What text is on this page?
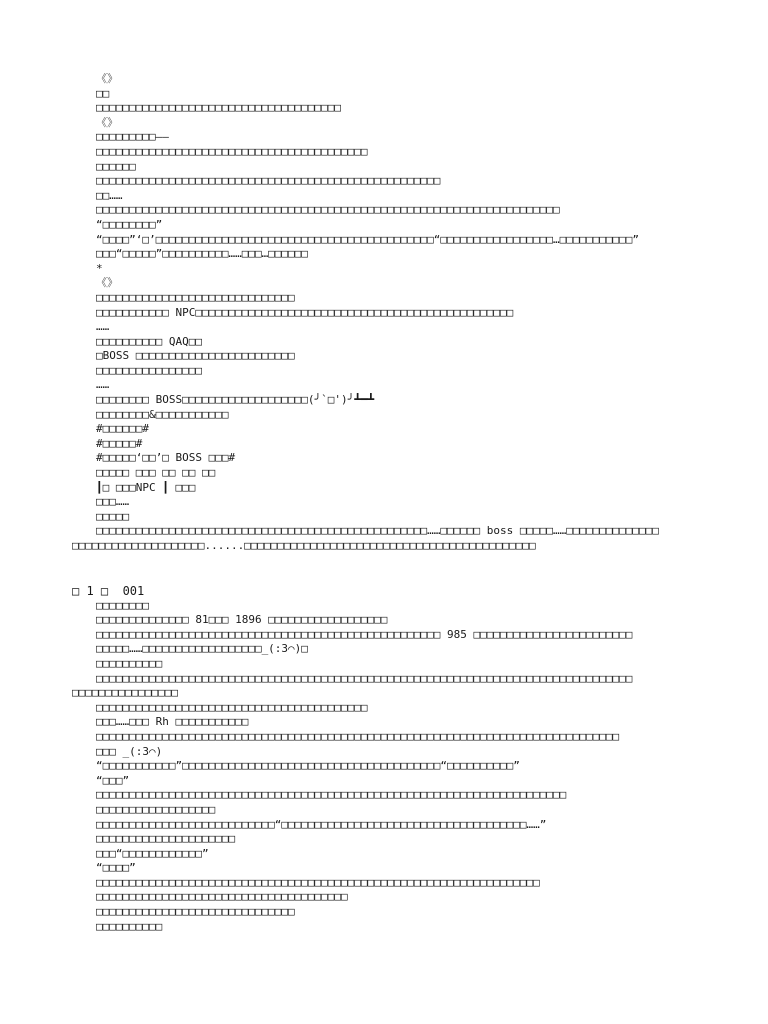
《》
□□
□□□□□□□□□□□□□□□□□□□□□□□□□□□□□□□□□□□□□
《》
□□□□□□□□□——
□□□□□□□□□□□□□□□□□□□□□□□□□□□□□□□□□□□□□□□□□
□□□□□□
□□□□□□□□□□□□□□□□□□□□□□□□□□□□□□□□□□□□□□□□□□□□□□□□□□□□
□□……
□□□□□□□□□□□□□□□□□□□□□□□□□□□□□□□□□□□□□□□□□□□□□□□□□□□□□□□□□□□□□□□□□□□□□□
“□□□□□□□□”
“□□□□”‘□’□□□□□□□□□□□□□□□□□□□□□□□□□□□□□□□□□□□□□□□□□□“□□□□□□□□□□□□□□□□□…□□□□□□□□□□□”
□□□“□□□□□”□□□□□□□□□□……□□□…□□□□□□
*
《》
□□□□□□□□□□□□□□□□□□□□□□□□□□□□□□
□□□□□□□□□□□ NPC□□□□□□□□□□□□□□□□□□□□□□□□□□□□□□□□□□□□□□□□□□□□□□□□
……
□□□□□□□□□□ QAQ□□
□BOSS □□□□□□□□□□□□□□□□□□□□□□□□
□□□□□□□□□□□□□□□□
……
□□□□□□□□ BOSS□□□□□□□□□□□□□□□□□□□(╯`□')╯┻━┻
□□□□□□□□&□□□□□□□□□□□
#□□□□□□#
#□□□□□#
#□□□□□‘□□’□ BOSS □□□#
□□□□□ □□□ □□ □□ □□
┃□ □□□NPC ┃ □□□
□□□……
□□□□□
□□□□□□□□□□□□□□□□□□□□□□□□□□□□□□□□□□□□□□□□□□□□□□□□□□……□□□□□□ boss □□□□□……□□□□□□□□□□□□□□
□□□□□□□□□□□□□□□□□□□□......□□□□□□□□□□□□□□□□□□□□□□□□□□□□□□□□□□□□□□□□□□□□
□ 1 □  001
□□□□□□□□
□□□□□□□□□□□□□□ 81□□□ 1896 □□□□□□□□□□□□□□□□□□
□□□□□□□□□□□□□□□□□□□□□□□□□□□□□□□□□□□□□□□□□□□□□□□□□□□□ 985 □□□□□□□□□□□□□□□□□□□□□□□□
□□□□□……□□□□□□□□□□□□□□□□□□_(:3⌒)□
□□□□□□□□□□
□□□□□□□□□□□□□□□□□□□□□□□□□□□□□□□□□□□□□□□□□□□□□□□□□□□□□□□□□□□□□□□□□□□□□□□□□□□□□□□□□
□□□□□□□□□□□□□□□□
□□□□□□□□□□□□□□□□□□□□□□□□□□□□□□□□□□□□□□□□□
□□□……□□□ Rh □□□□□□□□□□□
□□□□□□□□□□□□□□□□□□□□□□□□□□□□□□□□□□□□□□□□□□□□□□□□□□□□□□□□□□□□□□□□□□□□□□□□□□□□□□□
□□□ _(:3⌒)
“□□□□□□□□□□□”□□□□□□□□□□□□□□□□□□□□□□□□□□□□□□□□□□□□□□□“□□□□□□□□□□”
“□□□”
□□□□□□□□□□□□□□□□□□□□□□□□□□□□□□□□□□□□□□□□□□□□□□□□□□□□□□□□□□□□□□□□□□□□□□□
□□□□□□□□□□□□□□□□□□
□□□□□□□□□□□□□□□□□□□□□□□□□□□“□□□□□□□□□□□□□□□□□□□□□□□□□□□□□□□□□□□□□……”
□□□□□□□□□□□□□□□□□□□□□
□□□“□□□□□□□□□□□□”
“□□□□”
□□□□□□□□□□□□□□□□□□□□□□□□□□□□□□□□□□□□□□□□□□□□□□□□□□□□□□□□□□□□□□□□□□□
□□□□□□□□□□□□□□□□□□□□□□□□□□□□□□□□□□□□□□
□□□□□□□□□□□□□□□□□□□□□□□□□□□□□□
□□□□□□□□□□
